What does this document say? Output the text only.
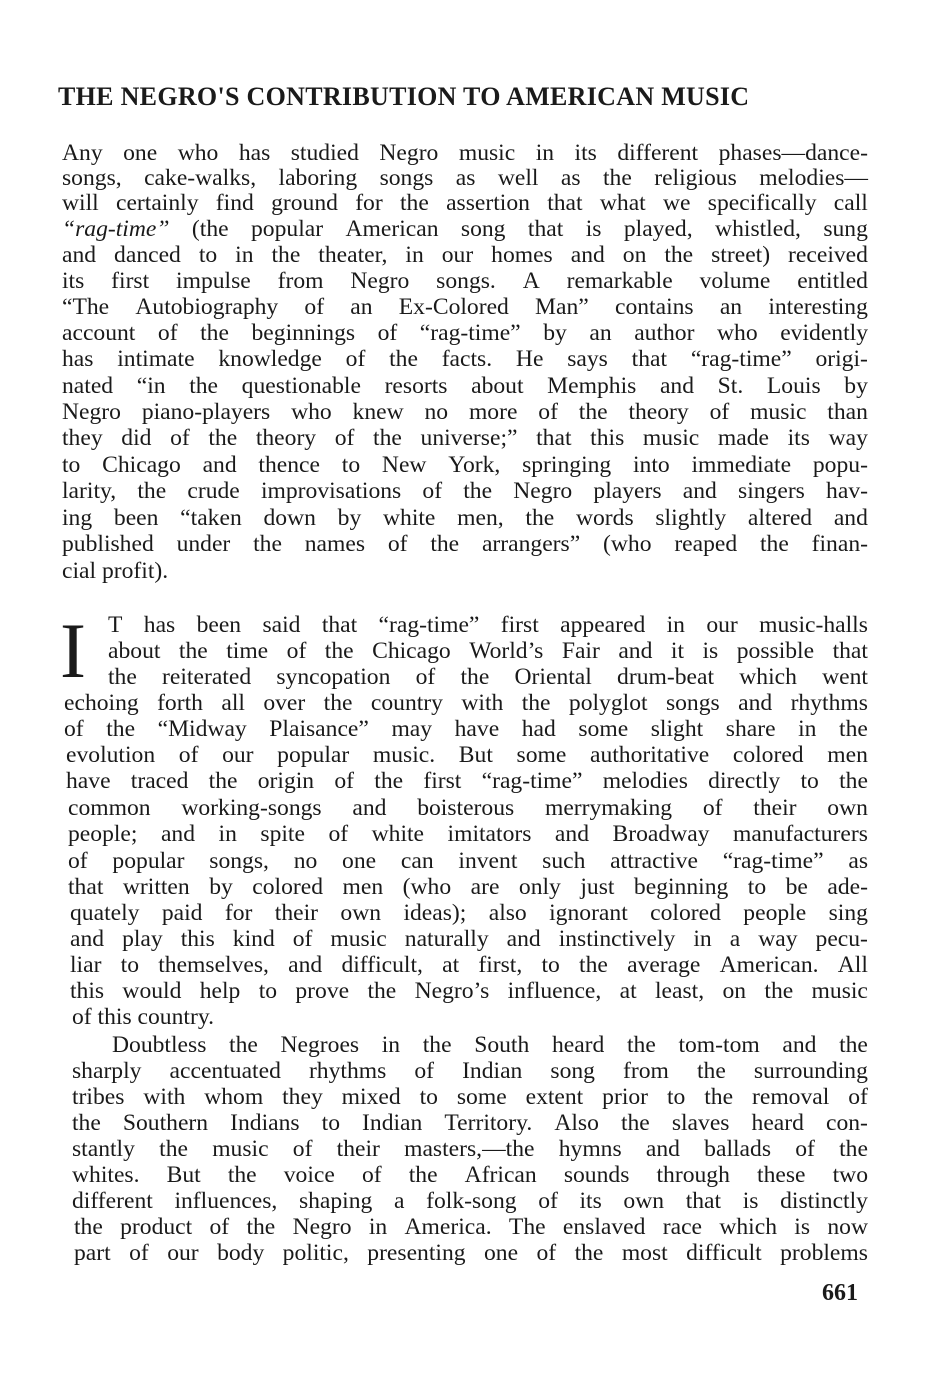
THE NEGRO'S CONTRIBUTION TO AMERICAN MUSIC
Any one who has studied Negro music in its different phases—dance-
songs, cake-walks, laboring songs as well as the religious melodies—
will certainly find ground for the assertion that what we specifically call
“rag-time” (the popular American song that is played, whistled, sung
and danced to in the theater, in our homes and on the street) received
its first impulse from Negro songs. A remarkable volume entitled
“The Autobiography of an Ex-Colored Man” contains an interesting
account of the beginnings of “rag-time” by an author who evidently
has intimate knowledge of the facts. He says that “rag-time” origi-
nated “in the questionable resorts about Memphis and St. Louis by
Negro piano-players who knew no more of the theory of music than
they did of the theory of the universe;” that this music made its way
to Chicago and thence to New York, springing into immediate popu-
larity, the crude improvisations of the Negro players and singers hav-
ing been “taken down by white men, the words slightly altered and
published under the names of the arrangers” (who reaped the finan-
cial profit).
I T has been said that “rag-time” first appeared in our music-halls
about the time of the Chicago World’s Fair and it is possible that
the reiterated syncopation of the Oriental drum-beat which went
echoing forth all over the country with the polyglot songs and rhythms
of the “Midway Plaisance” may have had some slight share in the
evolution of our popular music. But some authoritative colored men
have traced the origin of the first “rag-time” melodies directly to the
common working-songs and boisterous merrymaking of their own
people; and in spite of white imitators and Broadway manufacturers
of popular songs, no one can invent such attractive “rag-time” as
that written by colored men (who are only just beginning to be ade-
quately paid for their own ideas); also ignorant colored people sing
and play this kind of music naturally and instinctively in a way pecu-
liar to themselves, and difficult, at first, to the average American. All
this would help to prove the Negro’s influence, at least, on the music
of this country.
Doubtless the Negroes in the South heard the tom-tom and the
sharply accentuated rhythms of Indian song from the surrounding
tribes with whom they mixed to some extent prior to the removal of
the Southern Indians to Indian Territory. Also the slaves heard con-
stantly the music of their masters,—the hymns and ballads of the
whites. But the voice of the African sounds through these two
different influences, shaping a folk-song of its own that is distinctly
the product of the Negro in America. The enslaved race which is now
part of our body politic, presenting one of the most difficult problems
661
